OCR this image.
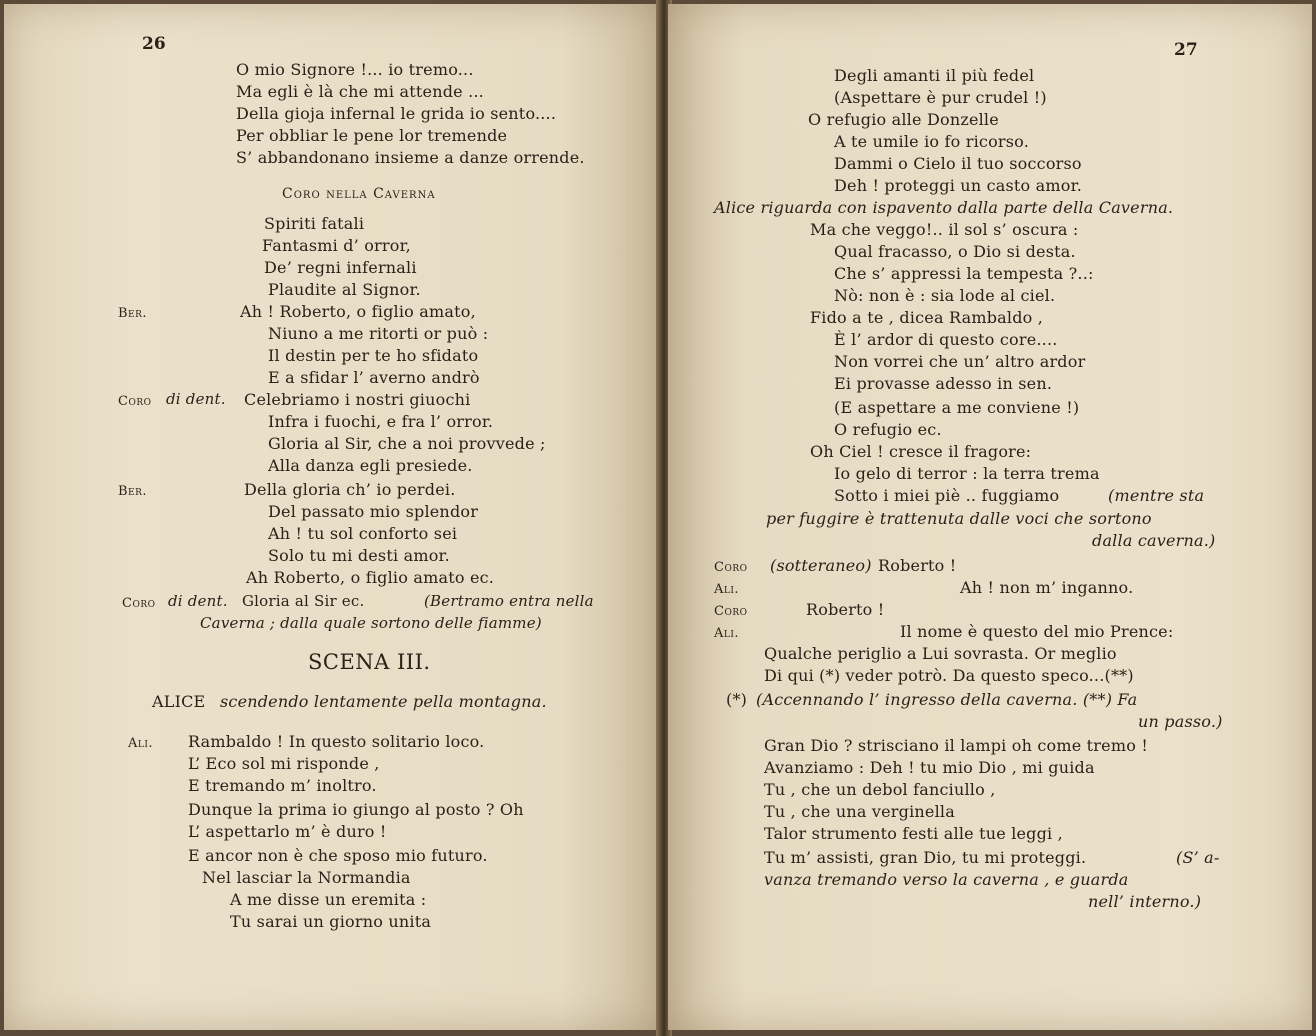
26
O mio Signore !... io tremo...
Ma egli è là che mi attende ...
Della gioja infernal le grida io sento....
Per obbliar le pene lor tremende
S’ abbandonano insieme a danze orrende.
Coro nella Caverna
Spiriti fatali
Fantasmi d’ orror,
De’ regni infernali
Plaudite al Signor.
Ber.	Ah ! Roberto, o figlio amato,
Niuno a me ritorti or può :
Il destin per te ho sfidato
E a sfidar l’ averno andrò
Coro di dent. Celebriamo i nostri giuochi
Infra i fuochi, e fra l’ orror.
Gloria al Sir, che a noi provvede ;
Alla danza egli presiede.
Ber.	Della gloria ch’ io perdei.
Del passato mio splendor
Ah ! tu sol conforto sei
Solo tu mi desti amor.
Ah Roberto, o figlio amato ec.
Coro di dent. Gloria al Sir ec.	(Bertramo entra nella
Caverna ; dalla quale sortono delle fiamme)
SCENA III.
ALICE scendendo lentamente pella montagna.
Ali. Rambaldo ! In questo solitario loco.
L’ Eco sol mi risponde ,
E tremando m’ inoltro.
Dunque la prima io giungo al posto ? Oh
L’ aspettarlo m’ è duro !
E ancor non è che sposo mio futuro.
Nel lasciar la Normandia
A me disse un eremita :
Tu sarai un giorno unita
27
Degli amanti il più fedel
(Aspettare è pur crudel !)
O refugio alle Donzelle
A te umile io fo ricorso.
Dammi o Cielo il tuo soccorso
Deh ! proteggi un casto amor.
Alice riguarda con ispavento dalla parte della Caverna.
Ma che veggo!.. il sol s’ oscura :
Qual fracasso, o Dio si desta.
Che s’ appressi la tempesta ?..:
Nò: non è : sia lode al ciel.
Fido a te , dicea Rambaldo ,
È l’ ardor di questo core....
Non vorrei che un’ altro ardor
Ei provasse adesso in sen.
(E aspettare a me conviene !)
O refugio ec.
Oh Ciel ! cresce il fragore:
Io gelo di terror : la terra trema
Sotto i miei piè .. fuggiamo	(mentre sta
per fuggire è trattenuta dalle voci che sortono
dalla caverna.)
Coro (sotteraneo) Roberto !
Ali.	Ah ! non m’ inganno.
Coro	Roberto !
Ali.	Il nome è questo del mio Prence:
Qualche periglio a Lui sovrasta. Or meglio
Di qui (*) veder potrò. Da questo speco...(**)
(*) (Accennando l’ ingresso della caverna. (**) Fa
un passo.)
Gran Dio ? strisciano il lampi oh come tremo !
Avanziamo : Deh ! tu mio Dio , mi guida
Tu , che un debol fanciullo ,
Tu , che una verginella
Talor strumento festi alle tue leggi ,
Tu m’ assisti, gran Dio, tu mi proteggi.	(S’ a-
vanza tremando verso la caverna , e guarda
nell’ interno.)
